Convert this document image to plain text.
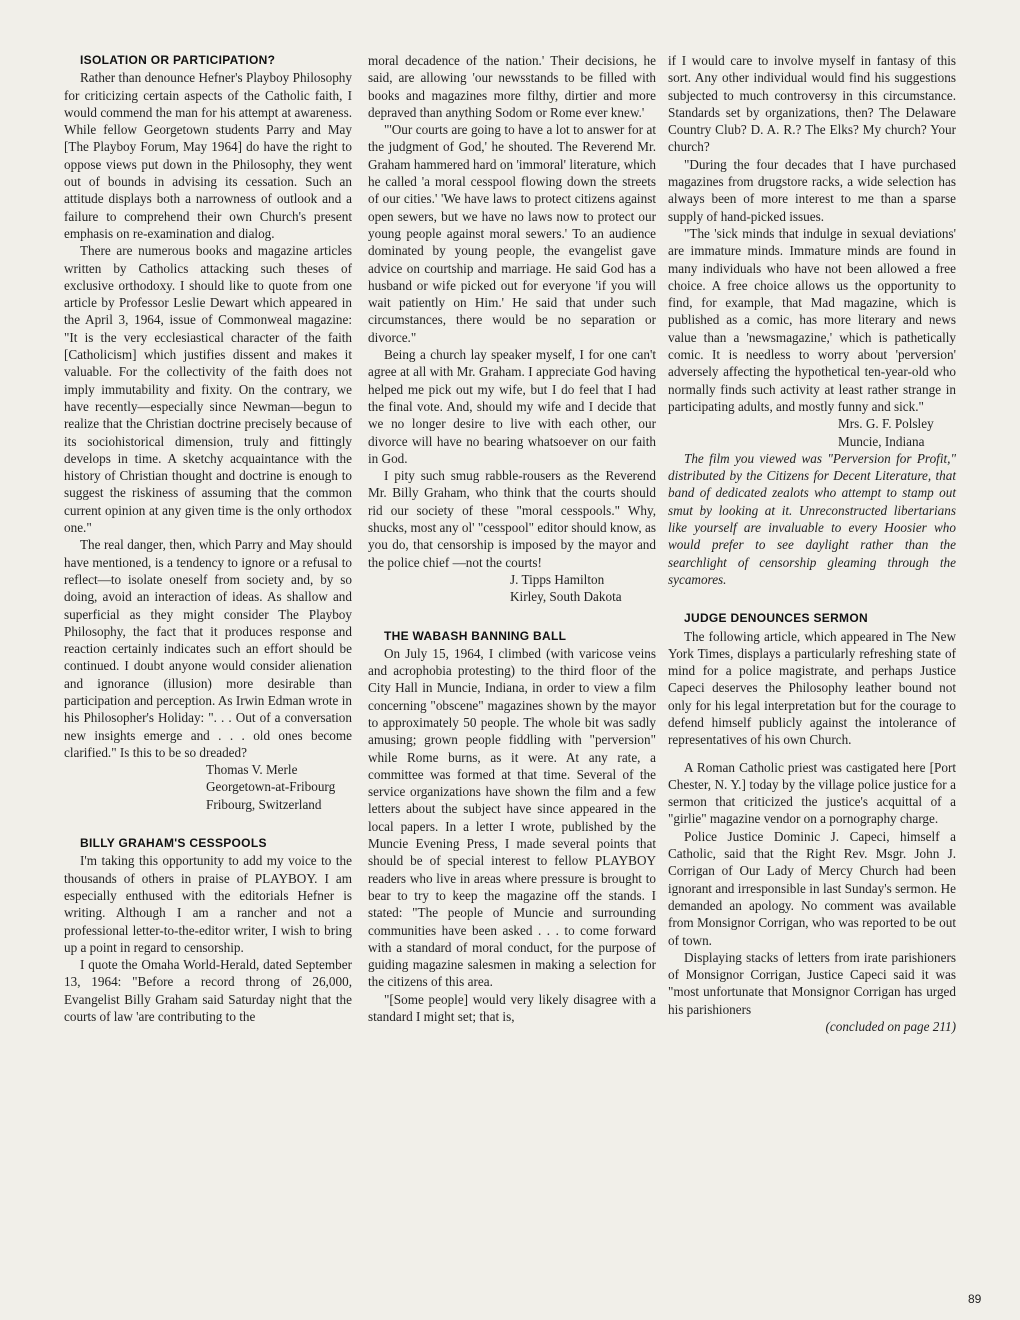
ISOLATION OR PARTICIPATION?

Rather than denounce Hefner's Playboy Philosophy for criticizing certain aspects of the Catholic faith, I would commend the man for his attempt at awareness. While fellow Georgetown students Parry and May [The Playboy Forum, May 1964] do have the right to oppose views put down in the Philosophy, they went out of bounds in advising its cessation. Such an attitude displays both a narrowness of outlook and a failure to comprehend their own Church's present emphasis on re-examination and dialog.

There are numerous books and magazine articles written by Catholics attacking such theses of exclusive orthodoxy. I should like to quote from one article by Professor Leslie Dewart which appeared in the April 3, 1964, issue of Commonweal magazine: "It is the very ecclesiastical character of the faith [Catholicism] which justifies dissent and makes it valuable. For the collectivity of the faith does not imply immutability and fixity. On the contrary, we have recently—especially since Newman—begun to realize that the Christian doctrine precisely because of its sociohistorical dimension, truly and fittingly develops in time. A sketchy acquaintance with the history of Christian thought and doctrine is enough to suggest the riskiness of assuming that the common current opinion at any given time is the only orthodox one."

The real danger, then, which Parry and May should have mentioned, is a tendency to ignore or a refusal to reflect—to isolate oneself from society and, by so doing, avoid an interaction of ideas. As shallow and superficial as they might consider The Playboy Philosophy, the fact that it produces response and reaction certainly indicates such an effort should be continued. I doubt anyone would consider alienation and ignorance (illusion) more desirable than participation and perception. As Irwin Edman wrote in his Philosopher's Holiday: ". . . Out of a conversation new insights emerge and . . . old ones become clarified." Is this to be so dreaded?

Thomas V. Merle

Georgetown-at-Fribourg

Fribourg, Switzerland

BILLY GRAHAM'S CESSPOOLS

I'm taking this opportunity to add my voice to the thousands of others in praise of PLAYBOY. I am especially enthused with the editorials Hefner is writing. Although I am a rancher and not a professional letter-to-the-editor writer, I wish to bring up a point in regard to censorship.

I quote the Omaha World-Herald, dated September 13, 1964: "Before a record throng of 26,000, Evangelist Billy Graham said Saturday night that the courts of law 'are contributing to the

moral decadence of the nation.' Their decisions, he said, are allowing 'our newsstands to be filled with books and magazines more filthy, dirtier and more depraved than anything Sodom or Rome ever knew.'

"'Our courts are going to have a lot to answer for at the judgment of God,' he shouted. The Reverend Mr. Graham hammered hard on 'immoral' literature, which he called 'a moral cesspool flowing down the streets of our cities.' 'We have laws to protect citizens against open sewers, but we have no laws now to protect our young people against moral sewers.' To an audience dominated by young people, the evangelist gave advice on courtship and marriage. He said God has a husband or wife picked out for everyone 'if you will wait patiently on Him.' He said that under such circumstances, there would be no separation or divorce."

Being a church lay speaker myself, I for one can't agree at all with Mr. Graham. I appreciate God having helped me pick out my wife, but I do feel that I had the final vote. And, should my wife and I decide that we no longer desire to live with each other, our divorce will have no bearing whatsoever on our faith in God.

I pity such smug rabble-rousers as the Reverend Mr. Billy Graham, who think that the courts should rid our society of these "moral cesspools." Why, shucks, most any ol' "cesspool" editor should know, as you do, that censorship is imposed by the mayor and the police chief —not the courts!

J. Tipps Hamilton

Kirley, South Dakota

THE WABASH BANNING BALL

On July 15, 1964, I climbed (with varicose veins and acrophobia protesting) to the third floor of the City Hall in Muncie, Indiana, in order to view a film concerning "obscene" magazines shown by the mayor to approximately 50 people. The whole bit was sadly amusing; grown people fiddling with "perversion" while Rome burns, as it were. At any rate, a committee was formed at that time. Several of the service organizations have shown the film and a few letters about the subject have since appeared in the local papers. In a letter I wrote, published by the Muncie Evening Press, I made several points that should be of special interest to fellow PLAYBOY readers who live in areas where pressure is brought to bear to try to keep the magazine off the stands. I stated: "The people of Muncie and surrounding communities have been asked . . . to come forward with a standard of moral conduct, for the purpose of guiding magazine salesmen in making a selection for the citizens of this area.

"[Some people] would very likely disagree with a standard I might set; that is,

if I would care to involve myself in fantasy of this sort. Any other individual would find his suggestions subjected to much controversy in this circumstance. Standards set by organizations, then? The Delaware Country Club? D. A. R.? The Elks? My church? Your church?

"During the four decades that I have purchased magazines from drugstore racks, a wide selection has always been of more interest to me than a sparse supply of hand-picked issues.

"The 'sick minds that indulge in sexual deviations' are immature minds. Immature minds are found in many individuals who have not been allowed a free choice. A free choice allows us the opportunity to find, for example, that Mad magazine, which is published as a comic, has more literary and news value than a 'newsmagazine,' which is pathetically comic. It is needless to worry about 'perversion' adversely affecting the hypothetical ten-year-old who normally finds such activity at least rather strange in participating adults, and mostly funny and sick."

Mrs. G. F. Polsley

Muncie, Indiana

The film you viewed was "Perversion for Profit," distributed by the Citizens for Decent Literature, that band of dedicated zealots who attempt to stamp out smut by looking at it. Unreconstructed libertarians like yourself are invaluable to every Hoosier who would prefer to see daylight rather than the searchlight of censorship gleaming through the sycamores.

JUDGE DENOUNCES SERMON

The following article, which appeared in The New York Times, displays a particularly refreshing state of mind for a police magistrate, and perhaps Justice Capeci deserves the Philosophy leather bound not only for his legal interpretation but for the courage to defend himself publicly against the intolerance of representatives of his own Church.

A Roman Catholic priest was castigated here [Port Chester, N. Y.] today by the village police justice for a sermon that criticized the justice's acquittal of a "girlie" magazine vendor on a pornography charge.

Police Justice Dominic J. Capeci, himself a Catholic, said that the Right Rev. Msgr. John J. Corrigan of Our Lady of Mercy Church had been ignorant and irresponsible in last Sunday's sermon. He demanded an apology. No comment was available from Monsignor Corrigan, who was reported to be out of town.

Displaying stacks of letters from irate parishioners of Monsignor Corrigan, Justice Capeci said it was "most unfortunate that Monsignor Corrigan has urged his parishioners

(concluded on page 211)

89
